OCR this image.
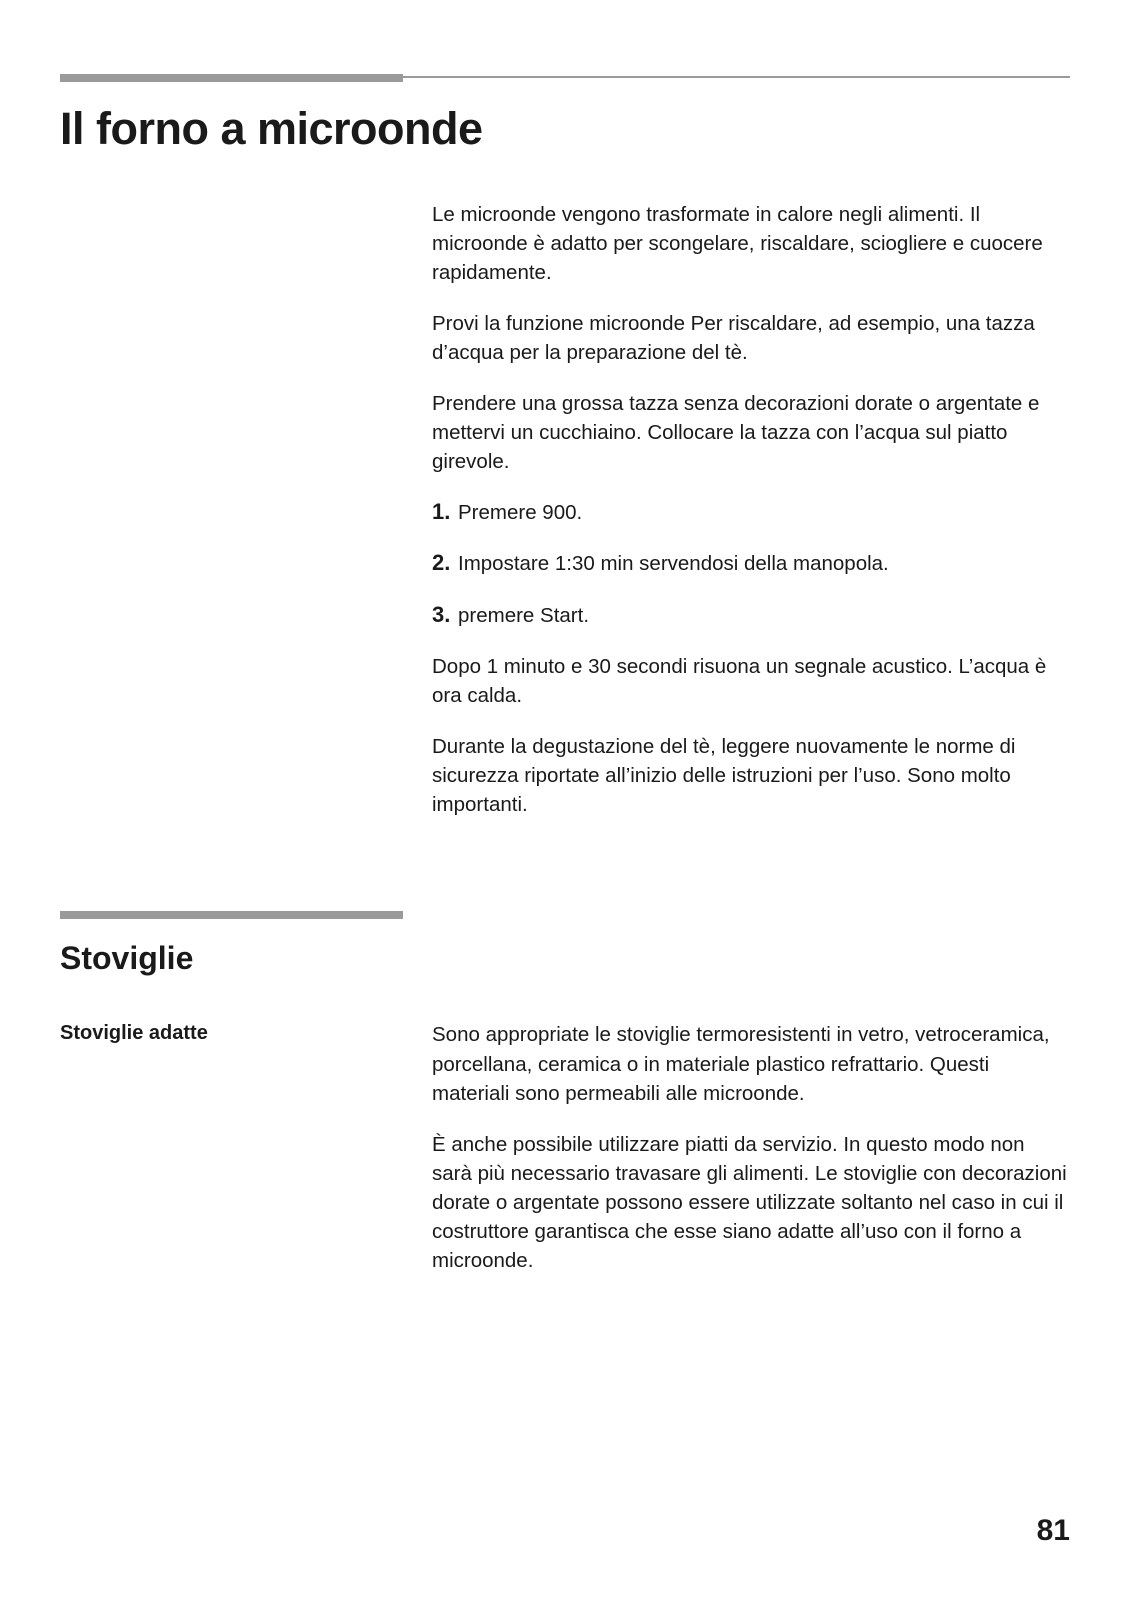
Il forno a microonde

Le microonde vengono trasformate in calore negli alimenti. Il microonde è adatto per scongelare, riscaldare, sciogliere e cuocere rapidamente.

Provi la funzione microonde Per riscaldare, ad esempio, una tazza d’acqua per la preparazione del tè.

Prendere una grossa tazza senza decorazioni dorate o argentate e mettervi un cucchiaino. Collocare la tazza con l’acqua sul piatto girevole.

1. Premere 900.
2. Impostare 1:30 min servendosi della manopola.
3. premere Start.

Dopo 1 minuto e 30 secondi risuona un segnale acustico. L’acqua è ora calda.

Durante la degustazione del tè, leggere nuovamente le norme di sicurezza riportate all’inizio delle istruzioni per l’uso. Sono molto importanti.

Stoviglie
Stoviglie adatte	Sono appropriate le stoviglie termoresistenti in vetro, vetroceramica, porcellana, ceramica o in materiale plastico refrattario. Questi materiali sono permeabili alle microonde.

È anche possibile utilizzare piatti da servizio. In questo modo non sarà più necessario travasare gli alimenti. Le stoviglie con decorazioni dorate o argentate possono essere utilizzate soltanto nel caso in cui il costruttore garantisca che esse siano adatte all’uso con il forno a microonde.

81
